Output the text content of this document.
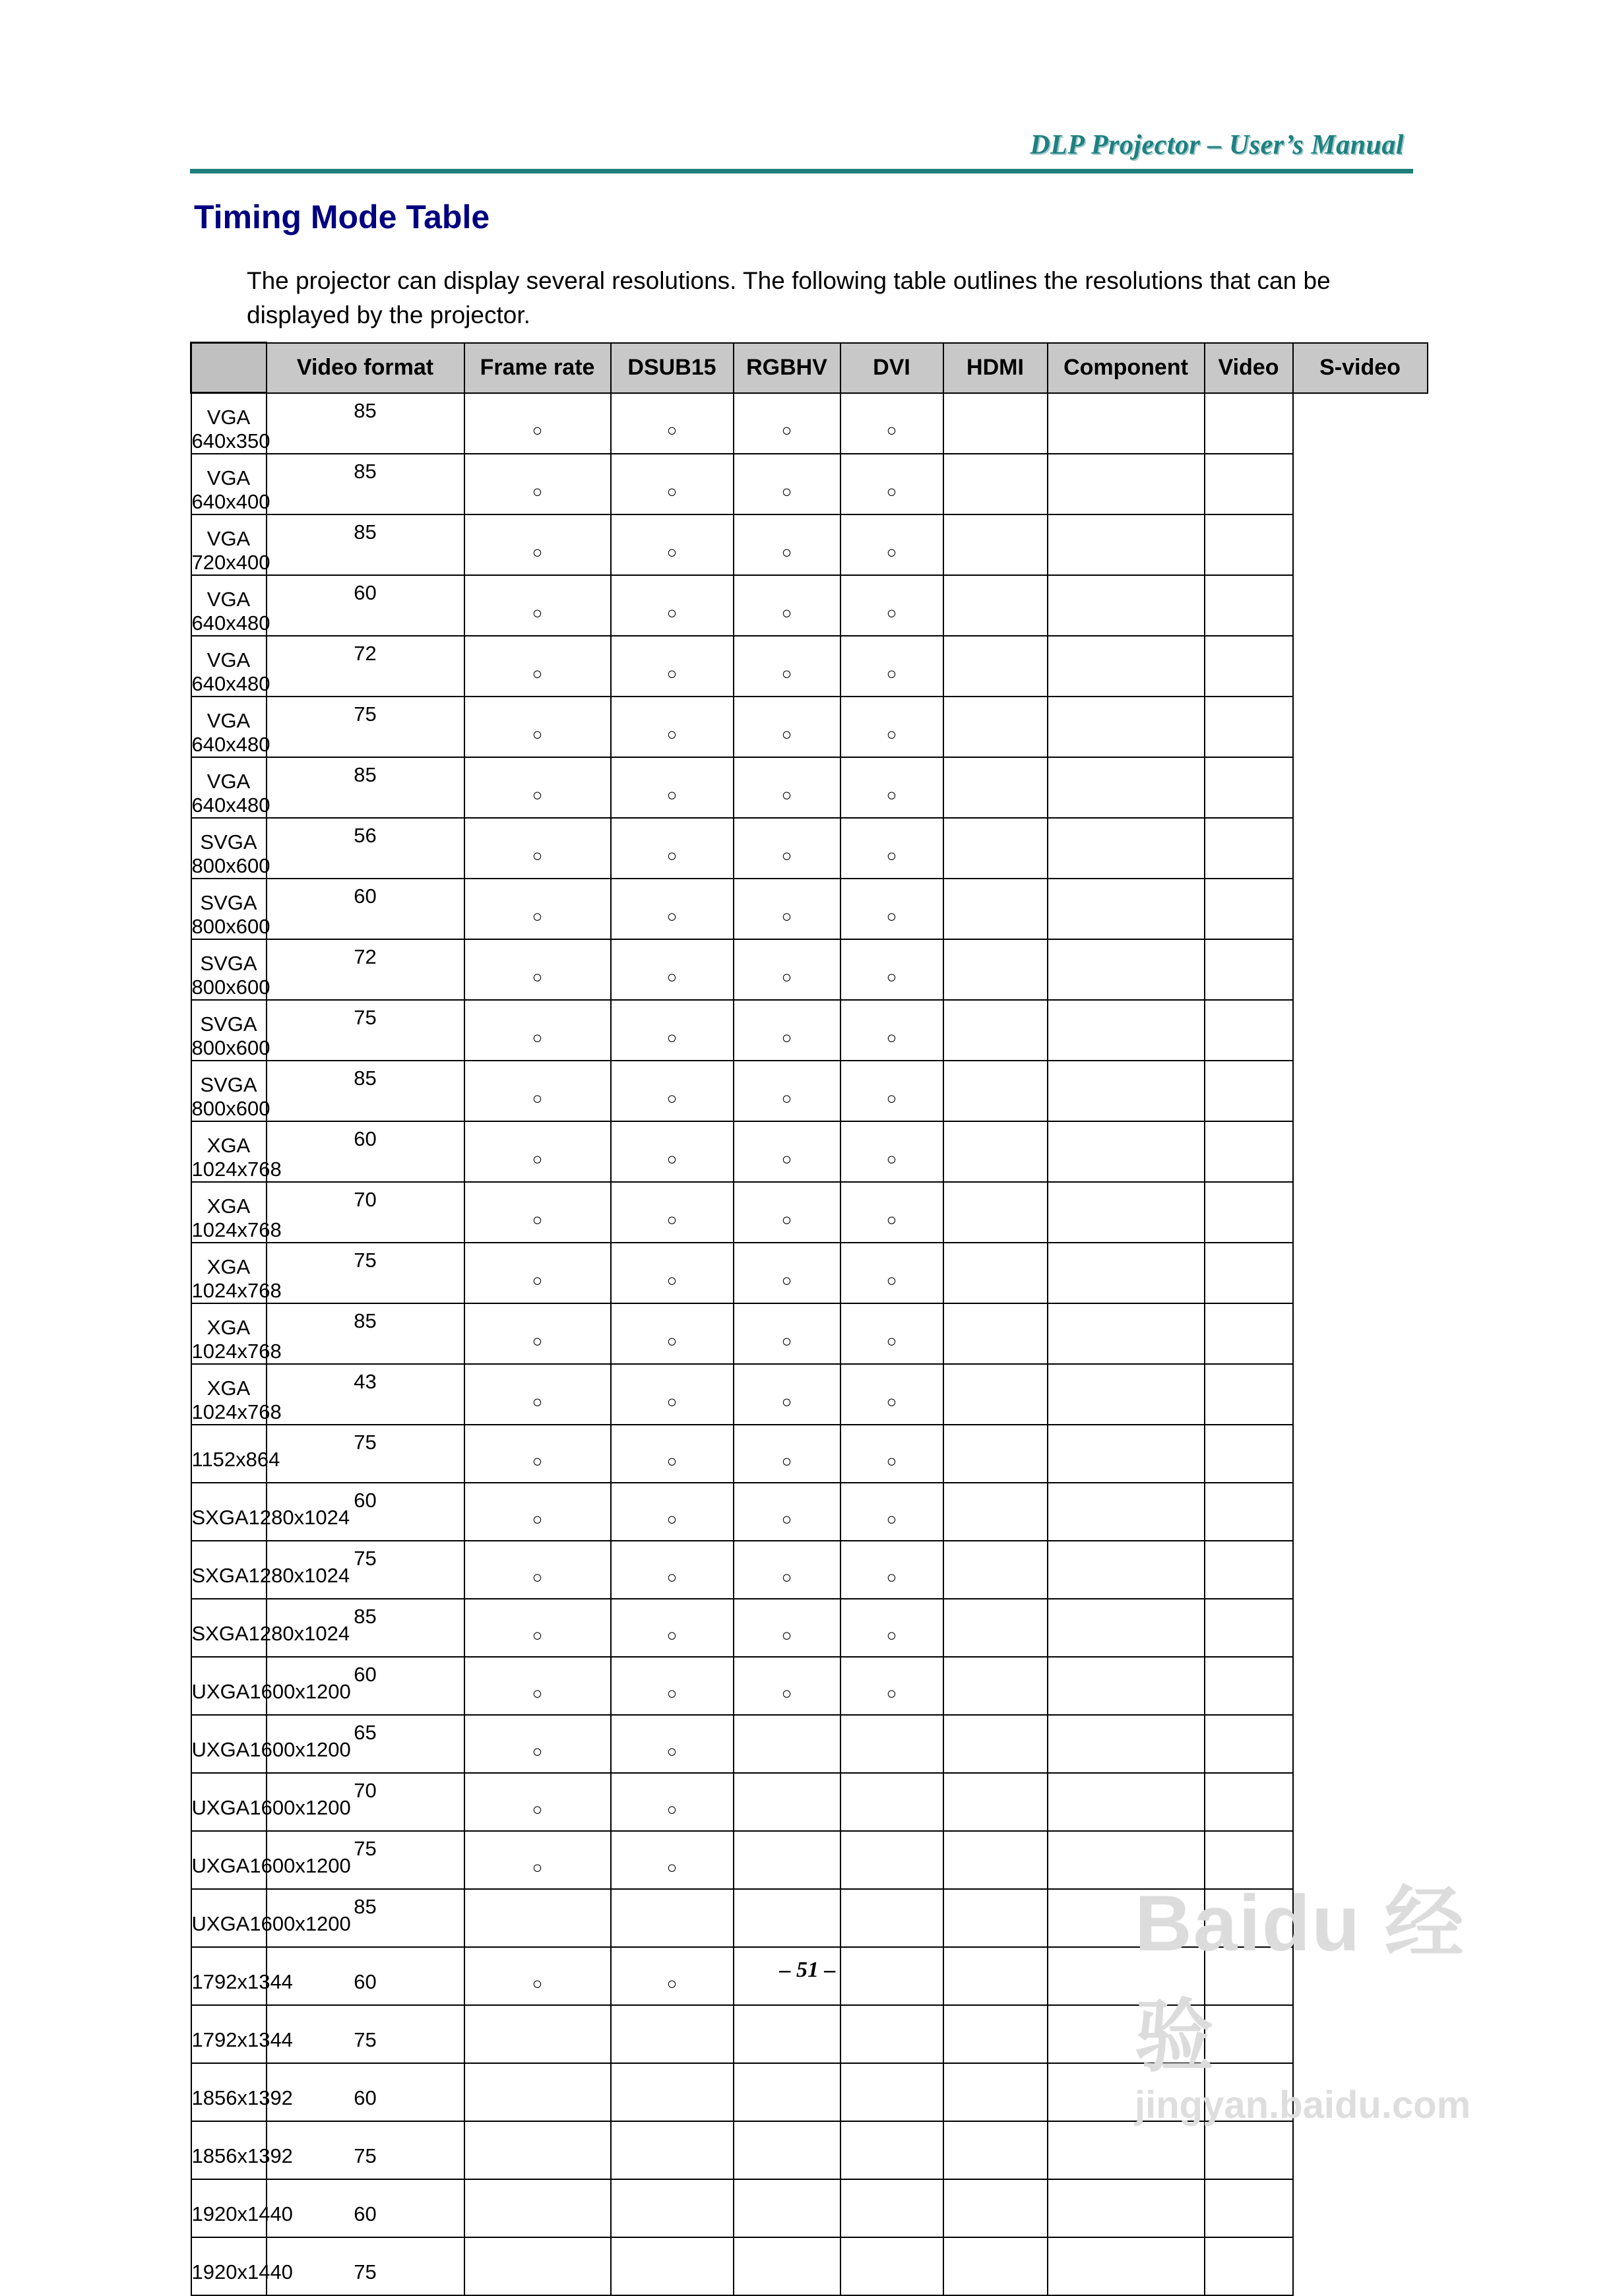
DLP Projector – User’s Manual
Timing Mode Table
The projector can display several resolutions. The following table outlines the resolutions that can be displayed by the projector.
	Video format	Frame rate	DSUB15	RGBHV	DVI	HDMI	Component	Video	S-video
VGA 640x350	85	○	○	○	○				
VGA 640x400	85	○	○	○	○				
VGA 720x400	85	○	○	○	○				
VGA 640x480	60	○	○	○	○				
VGA 640x480	72	○	○	○	○				
VGA 640x480	75	○	○	○	○				
VGA 640x480	85	○	○	○	○				
SVGA 800x600	56	○	○	○	○				
SVGA 800x600	60	○	○	○	○				
SVGA 800x600	72	○	○	○	○				
SVGA 800x600	75	○	○	○	○				
SVGA 800x600	85	○	○	○	○				
XGA 1024x768	60	○	○	○	○				
XGA 1024x768	70	○	○	○	○				
XGA 1024x768	75	○	○	○	○				
XGA 1024x768	85	○	○	○	○				
XGA 1024x768	43	○	○	○	○				
1152x864	75	○	○	○	○				
SXGA1280x1024	60	○	○	○	○				
SXGA1280x1024	75	○	○	○	○				
SXGA1280x1024	85	○	○	○	○				
UXGA1600x1200	60	○	○	○	○				
UXGA1600x1200	65	○	○						
UXGA1600x1200	70	○	○						
UXGA1600x1200	75	○	○						
UXGA1600x1200	85								
1792x1344	60	○	○						
1792x1344	75								
1856x1392	60								
1856x1392	75								
1920x1440	60								
1920x1440	75								
– 51 –
Baidu 经验
jingyan.baidu.com
